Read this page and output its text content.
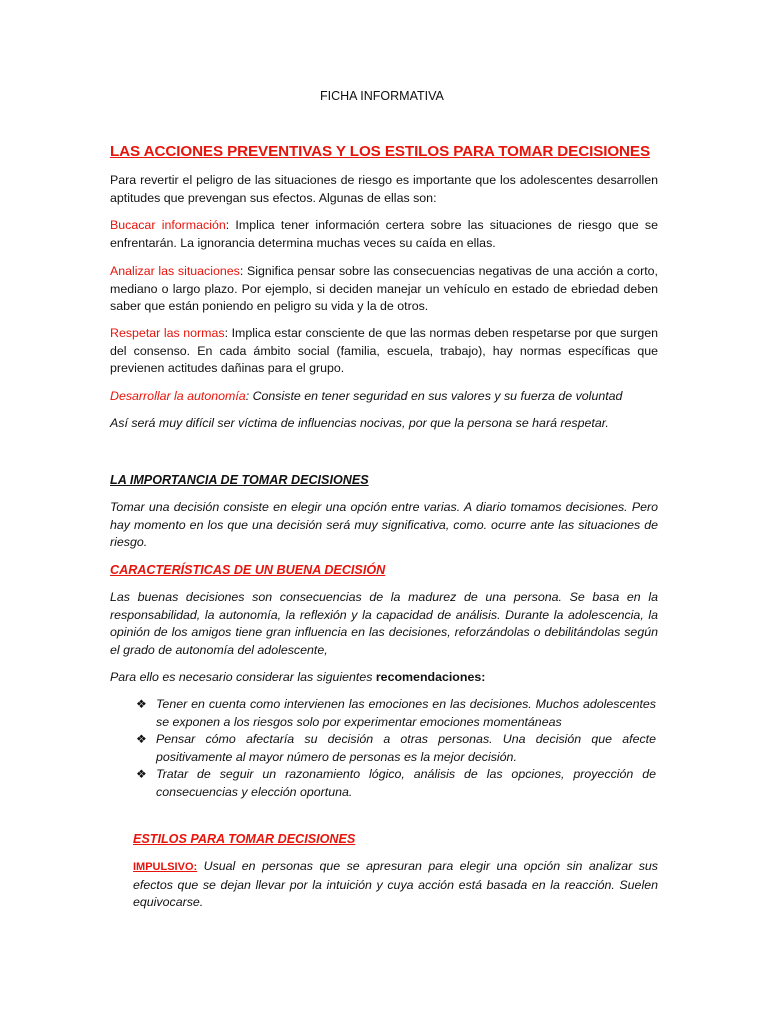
FICHA INFORMATIVA
LAS ACCIONES PREVENTIVAS Y LOS ESTILOS PARA TOMAR DECISIONES

Para revertir el peligro de las situaciones de riesgo es importante que los adolescentes desarrollen aptitudes que prevengan sus efectos. Algunas de ellas son:

Bucacar información: Implica tener información certera sobre las situaciones de riesgo que se enfrentarán. La ignorancia determina muchas veces su caída en ellas.

Analizar las situaciones: Significa pensar sobre las consecuencias negativas de una acción a corto, mediano o largo plazo. Por ejemplo, si deciden manejar un vehículo en estado de ebriedad deben saber que están poniendo en peligro su vida y la de otros.

Respetar las normas: Implica estar consciente de que las normas deben respetarse por que surgen del consenso. En cada ámbito social (familia, escuela, trabajo), hay normas específicas que previenen actitudes dañinas para el grupo.

Desarrollar la autonomía: Consiste en tener seguridad en sus valores y su fuerza de voluntad

Así será muy difícil ser víctima de influencias nocivas, por que la persona se hará respetar.

LA IMPORTANCIA DE TOMAR DECISIONES

Tomar una decisión consiste en elegir una opción entre varias. A diario tomamos decisiones. Pero hay momento en los que una decisión será muy significativa, como. ocurre ante las situaciones de riesgo.

CARACTERÍSTICAS DE UN BUENA DECISIÓN

Las buenas decisiones son consecuencias de la madurez de una persona. Se basa en la responsabilidad, la autonomía, la reflexión y la capacidad de análisis. Durante la adolescencia, la opinión de los amigos tiene gran influencia en las decisiones, reforzándolas o debilitándolas según el grado de autonomía del adolescente,

Para ello es necesario considerar las siguientes recomendaciones:

❖ Tener en cuenta como intervienen las emociones en las decisiones. Muchos adolescentes se exponen a los riesgos solo por experimentar emociones momentáneas
❖ Pensar cómo afectaría su decisión a otras personas. Una decisión que afecte positivamente al mayor número de personas es la mejor decisión.
❖ Tratar de seguir un razonamiento lógico, análisis de las opciones, proyección de consecuencias y elección oportuna.
ESTILOS PARA TOMAR DECISIONES

IMPULSIVO: Usual en personas que se apresuran para elegir una opción sin analizar sus efectos que se dejan llevar por la intuición y cuya acción está basada en la reacción. Suelen equivocarse.
